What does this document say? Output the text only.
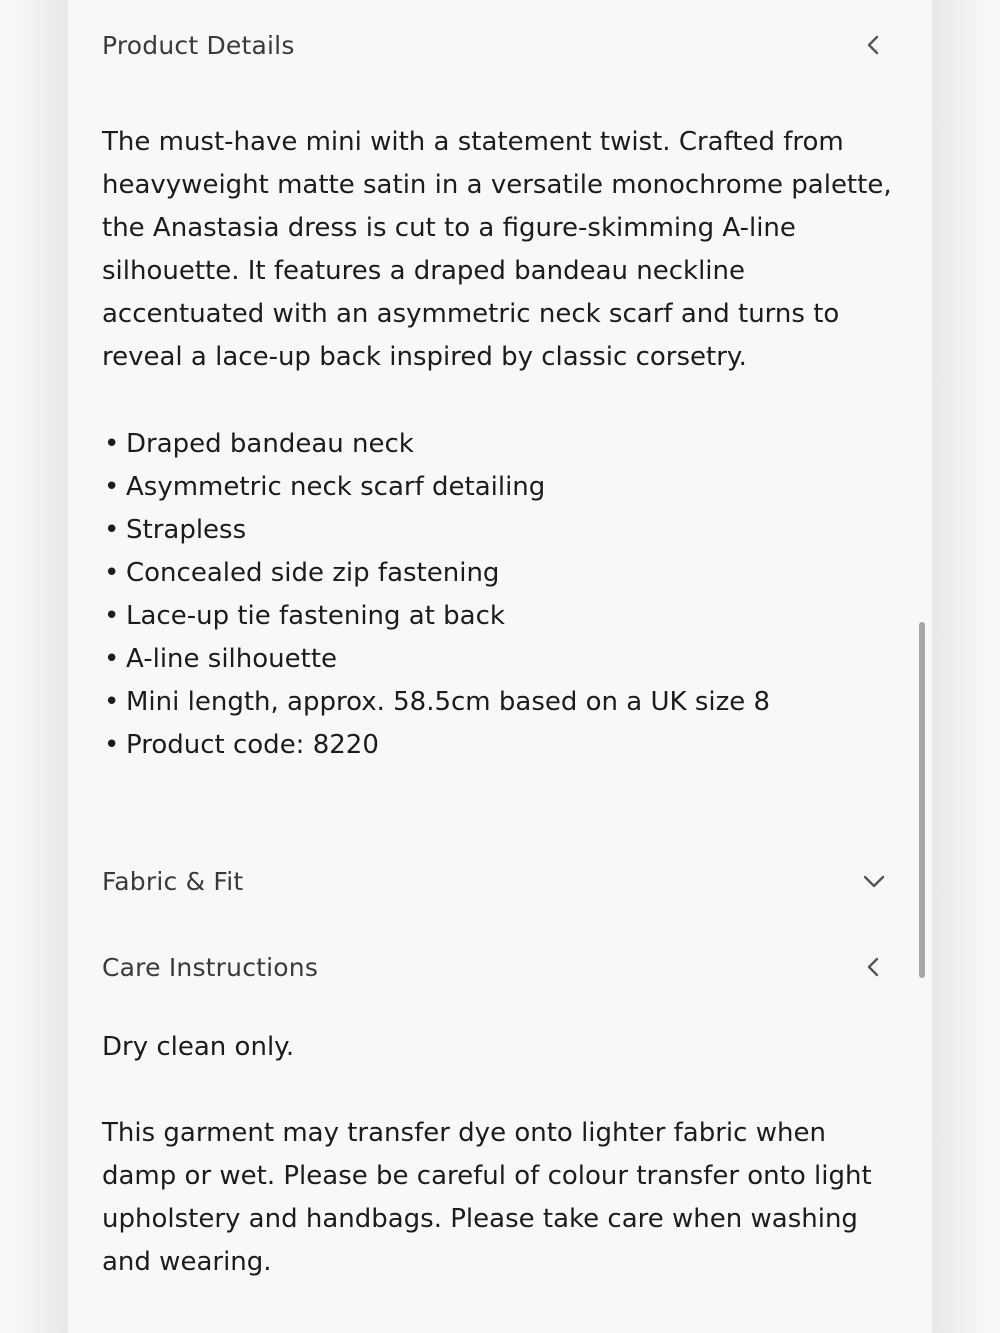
Product Details

The must-have mini with a statement twist. Crafted from
heavyweight matte satin in a versatile monochrome palette,
the Anastasia dress is cut to a figure-skimming A-line
silhouette. It features a draped bandeau neckline
accentuated with an asymmetric neck scarf and turns to
reveal a lace-up back inspired by classic corsetry.

• Draped bandeau neck
• Asymmetric neck scarf detailing
• Strapless
• Concealed side zip fastening
• Lace-up tie fastening at back
• A-line silhouette
• Mini length, approx. 58.5cm based on a UK size 8
• Product code: 8220
Fabric & Fit
Care Instructions

Dry clean only.

This garment may transfer dye onto lighter fabric when
damp or wet. Please be careful of colour transfer onto light
upholstery and handbags. Please take care when washing
and wearing.
